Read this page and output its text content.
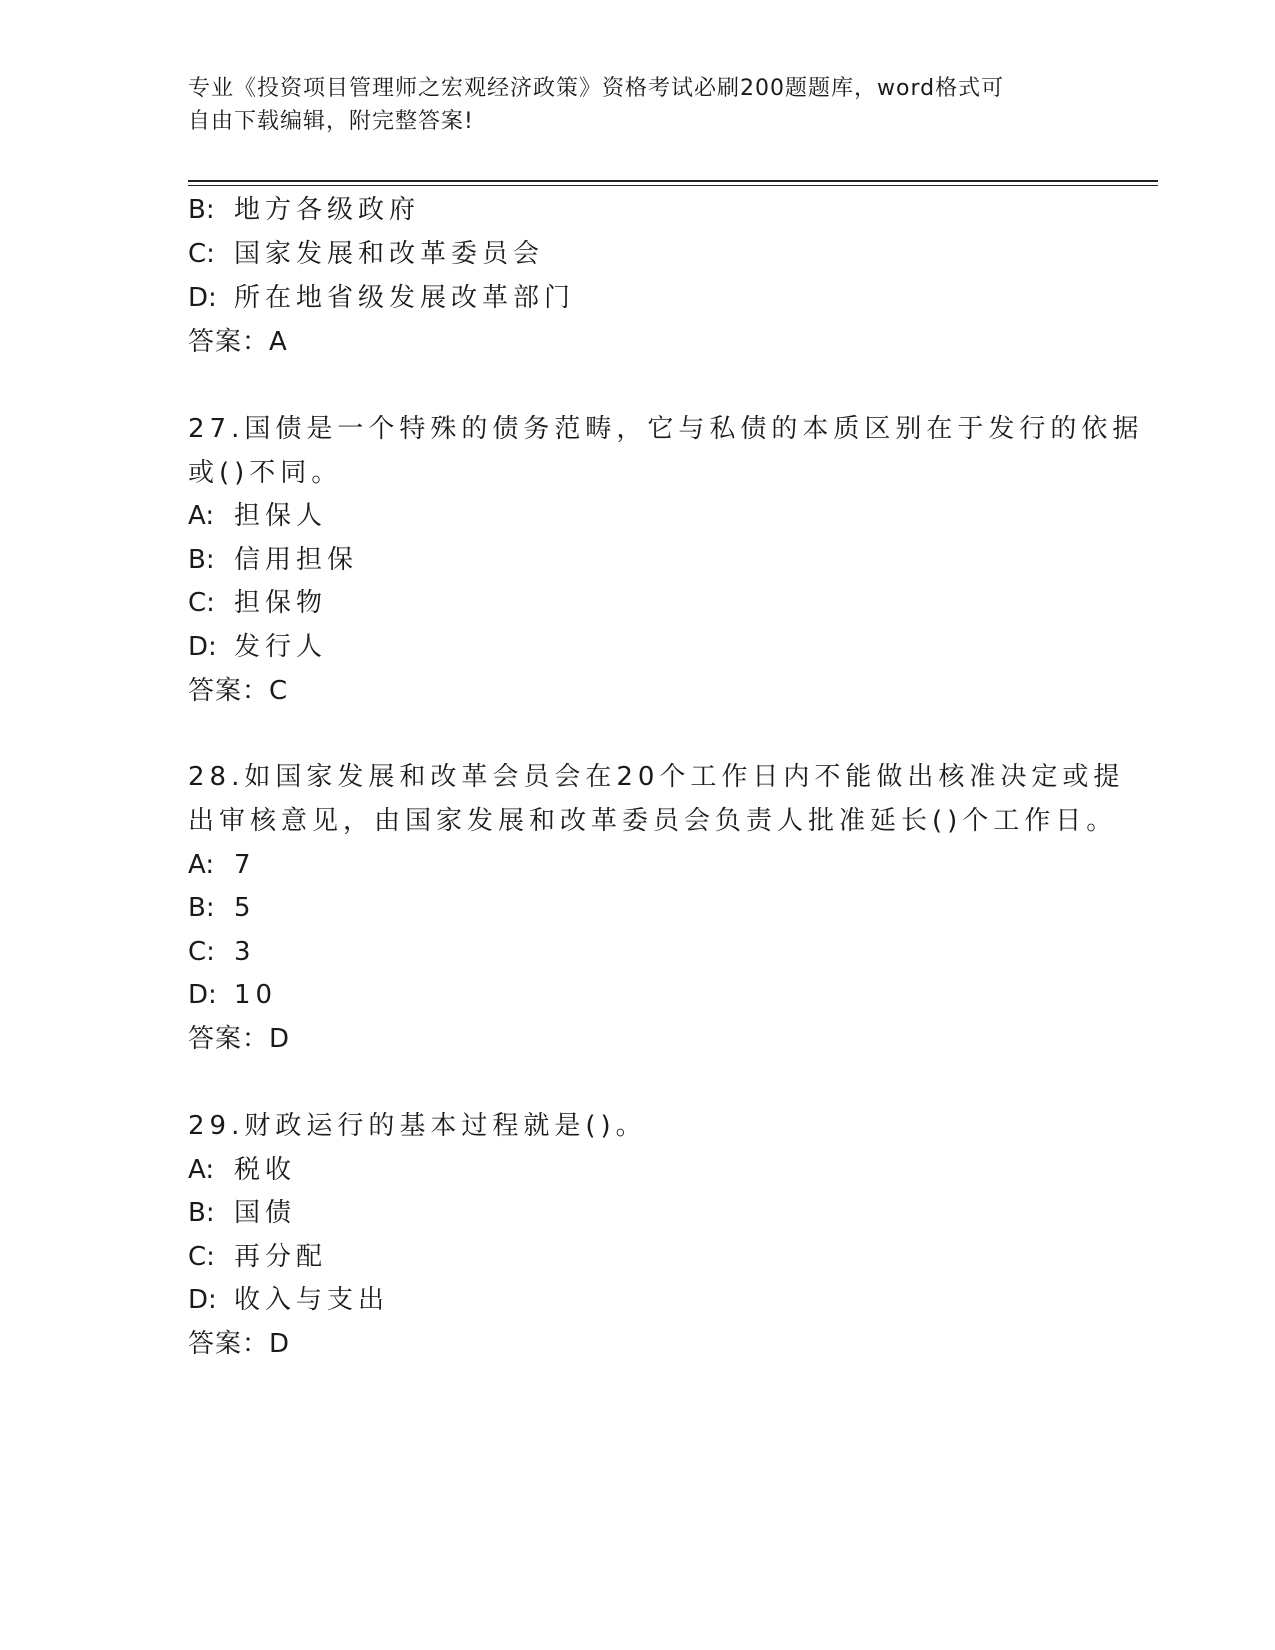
专业《投资项目管理师之宏观经济政策》资格考试必刷200题题库，word格式可
自由下载编辑，附完整答案!
B: 地方各级政府
C: 国家发展和改革委员会
D: 所在地省级发展改革部门
答案：A
27.国债是一个特殊的债务范畴，它与私债的本质区别在于发行的依据
或()不同。
A: 担保人
B: 信用担保
C: 担保物
D: 发行人
答案：C
28.如国家发展和改革会员会在20个工作日内不能做出核准决定或提
出审核意见，由国家发展和改革委员会负责人批准延长()个工作日。
A: 7
B: 5
C: 3
D: 10
答案：D
29.财政运行的基本过程就是()。
A: 税收
B: 国债
C: 再分配
D: 收入与支出
答案：D
